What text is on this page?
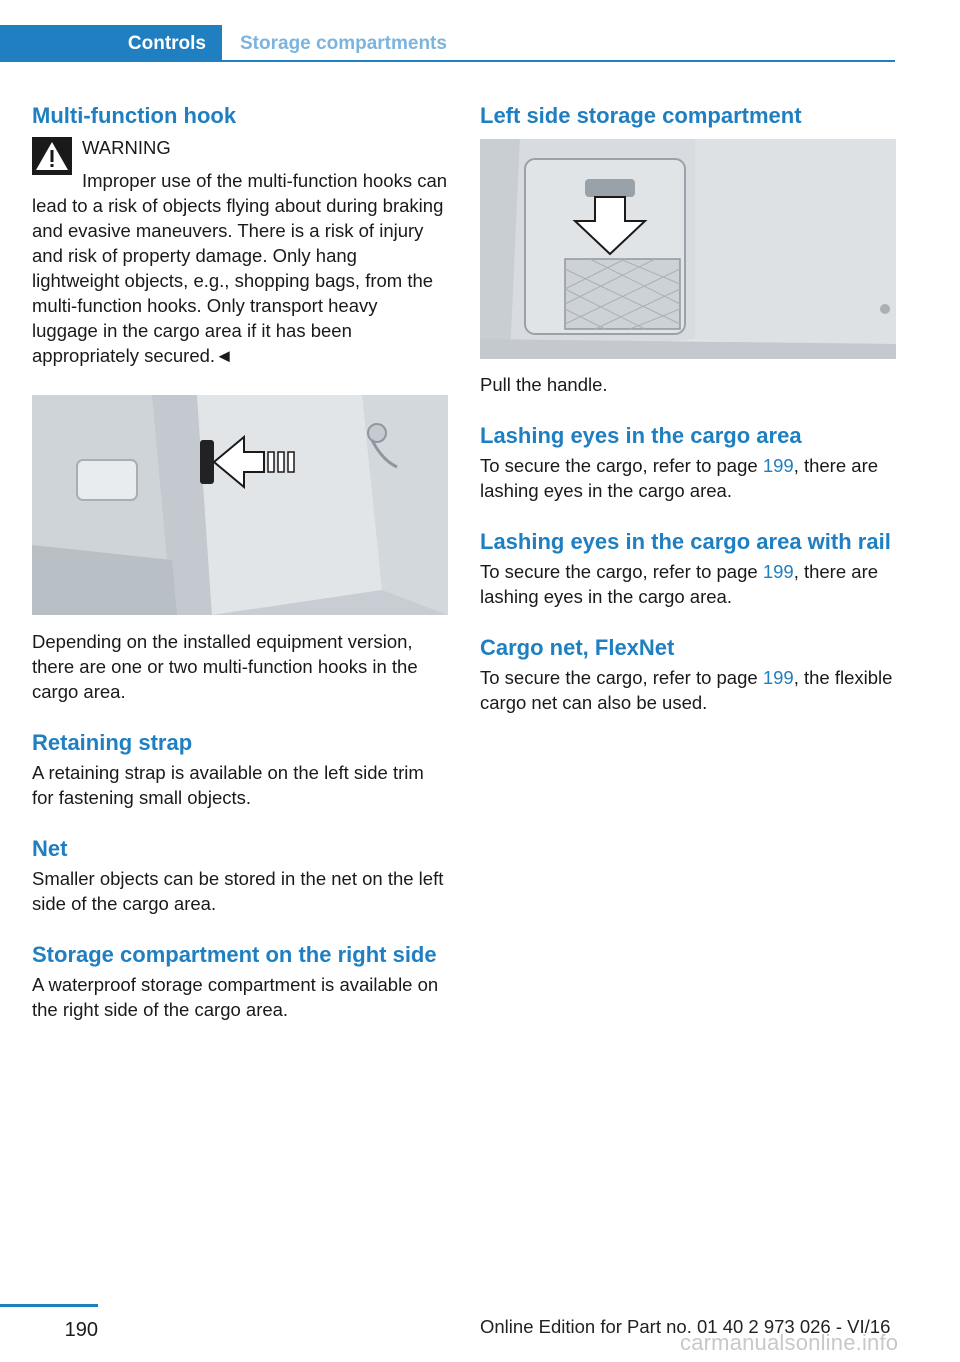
Controls	Storage compartments
Multi-function hook
WARNING

Improper use of the multi-function hooks can lead to a risk of objects flying about during braking and evasive maneuvers. There is a risk of injury and risk of property damage. Only hang lightweight objects, e.g., shopping bags, from the multi-function hooks. Only transport heavy luggage in the cargo area if it has been appropriately secured.◄

Depending on the installed equipment version, there are one or two multi-function hooks in the cargo area.

Retaining strap

A retaining strap is available on the left side trim for fastening small objects.

Net

Smaller objects can be stored in the net on the left side of the cargo area.

Storage compartment on the right side

A waterproof storage compartment is available on the right side of the cargo area.

Left side storage compartment

Pull the handle.

Lashing eyes in the cargo area

To secure the cargo, refer to page 199, there are lashing eyes in the cargo area.

Lashing eyes in the cargo area with rail

To secure the cargo, refer to page 199, there are lashing eyes in the cargo area.

Cargo net, FlexNet

To secure the cargo, refer to page 199, the flexible cargo net can also be used.

190	Online Edition for Part no. 01 40 2 973 026 - VI/16
carmanualsonline.info
